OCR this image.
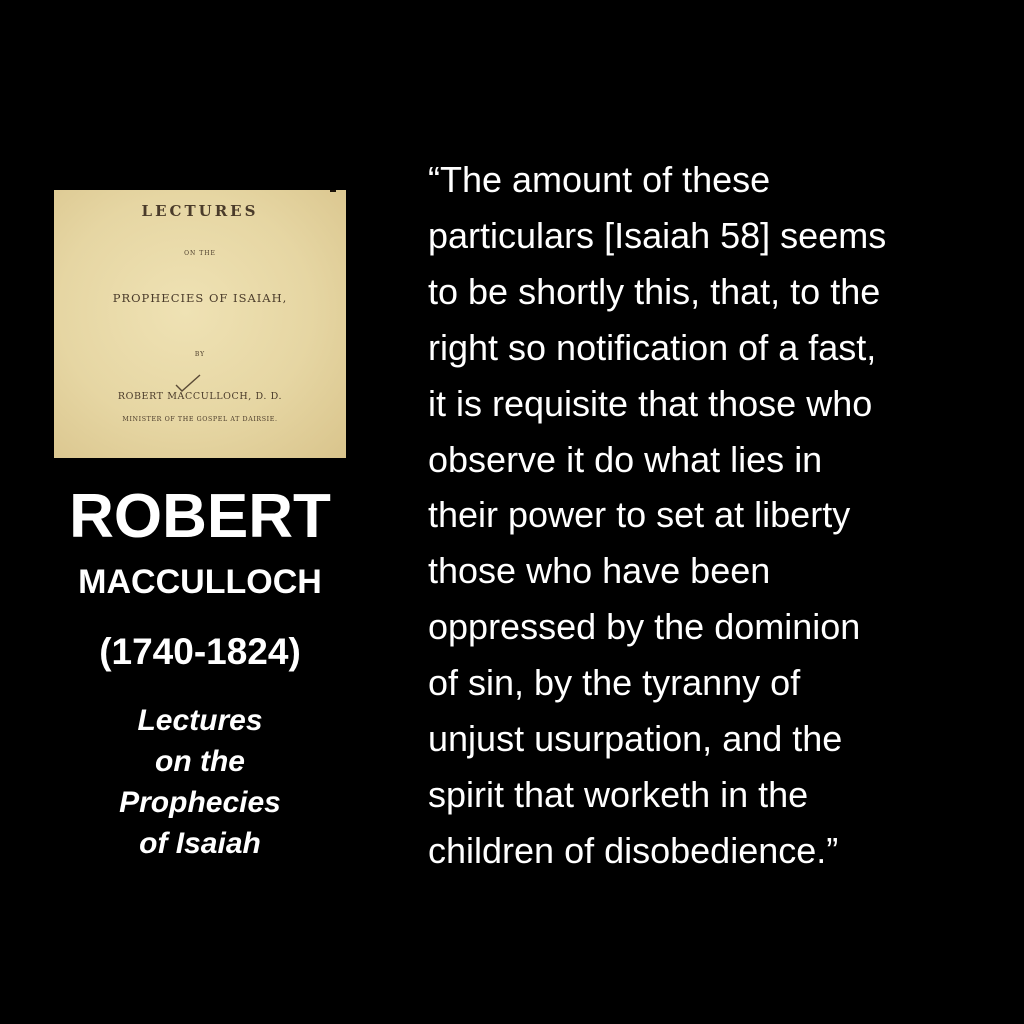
LECTURES
ON THE
PROPHECIES OF ISAIAH,
BY
ROBERT MACCULLOCH, D. D.
MINISTER OF THE GOSPEL AT DAIRSIE.
ROBERT
MACCULLOCH
(1740-1824)
Lectures
on the
Prophecies
of Isaiah
“The amount of these
particulars [Isaiah 58] seems
to be shortly this, that, to the
right so notification of a fast,
it is requisite that those who
observe it do what lies in
their power to set at liberty
those who have been
oppressed by the dominion
of sin, by the tyranny of
unjust usurpation, and the
spirit that worketh in the
children of disobedience.”
